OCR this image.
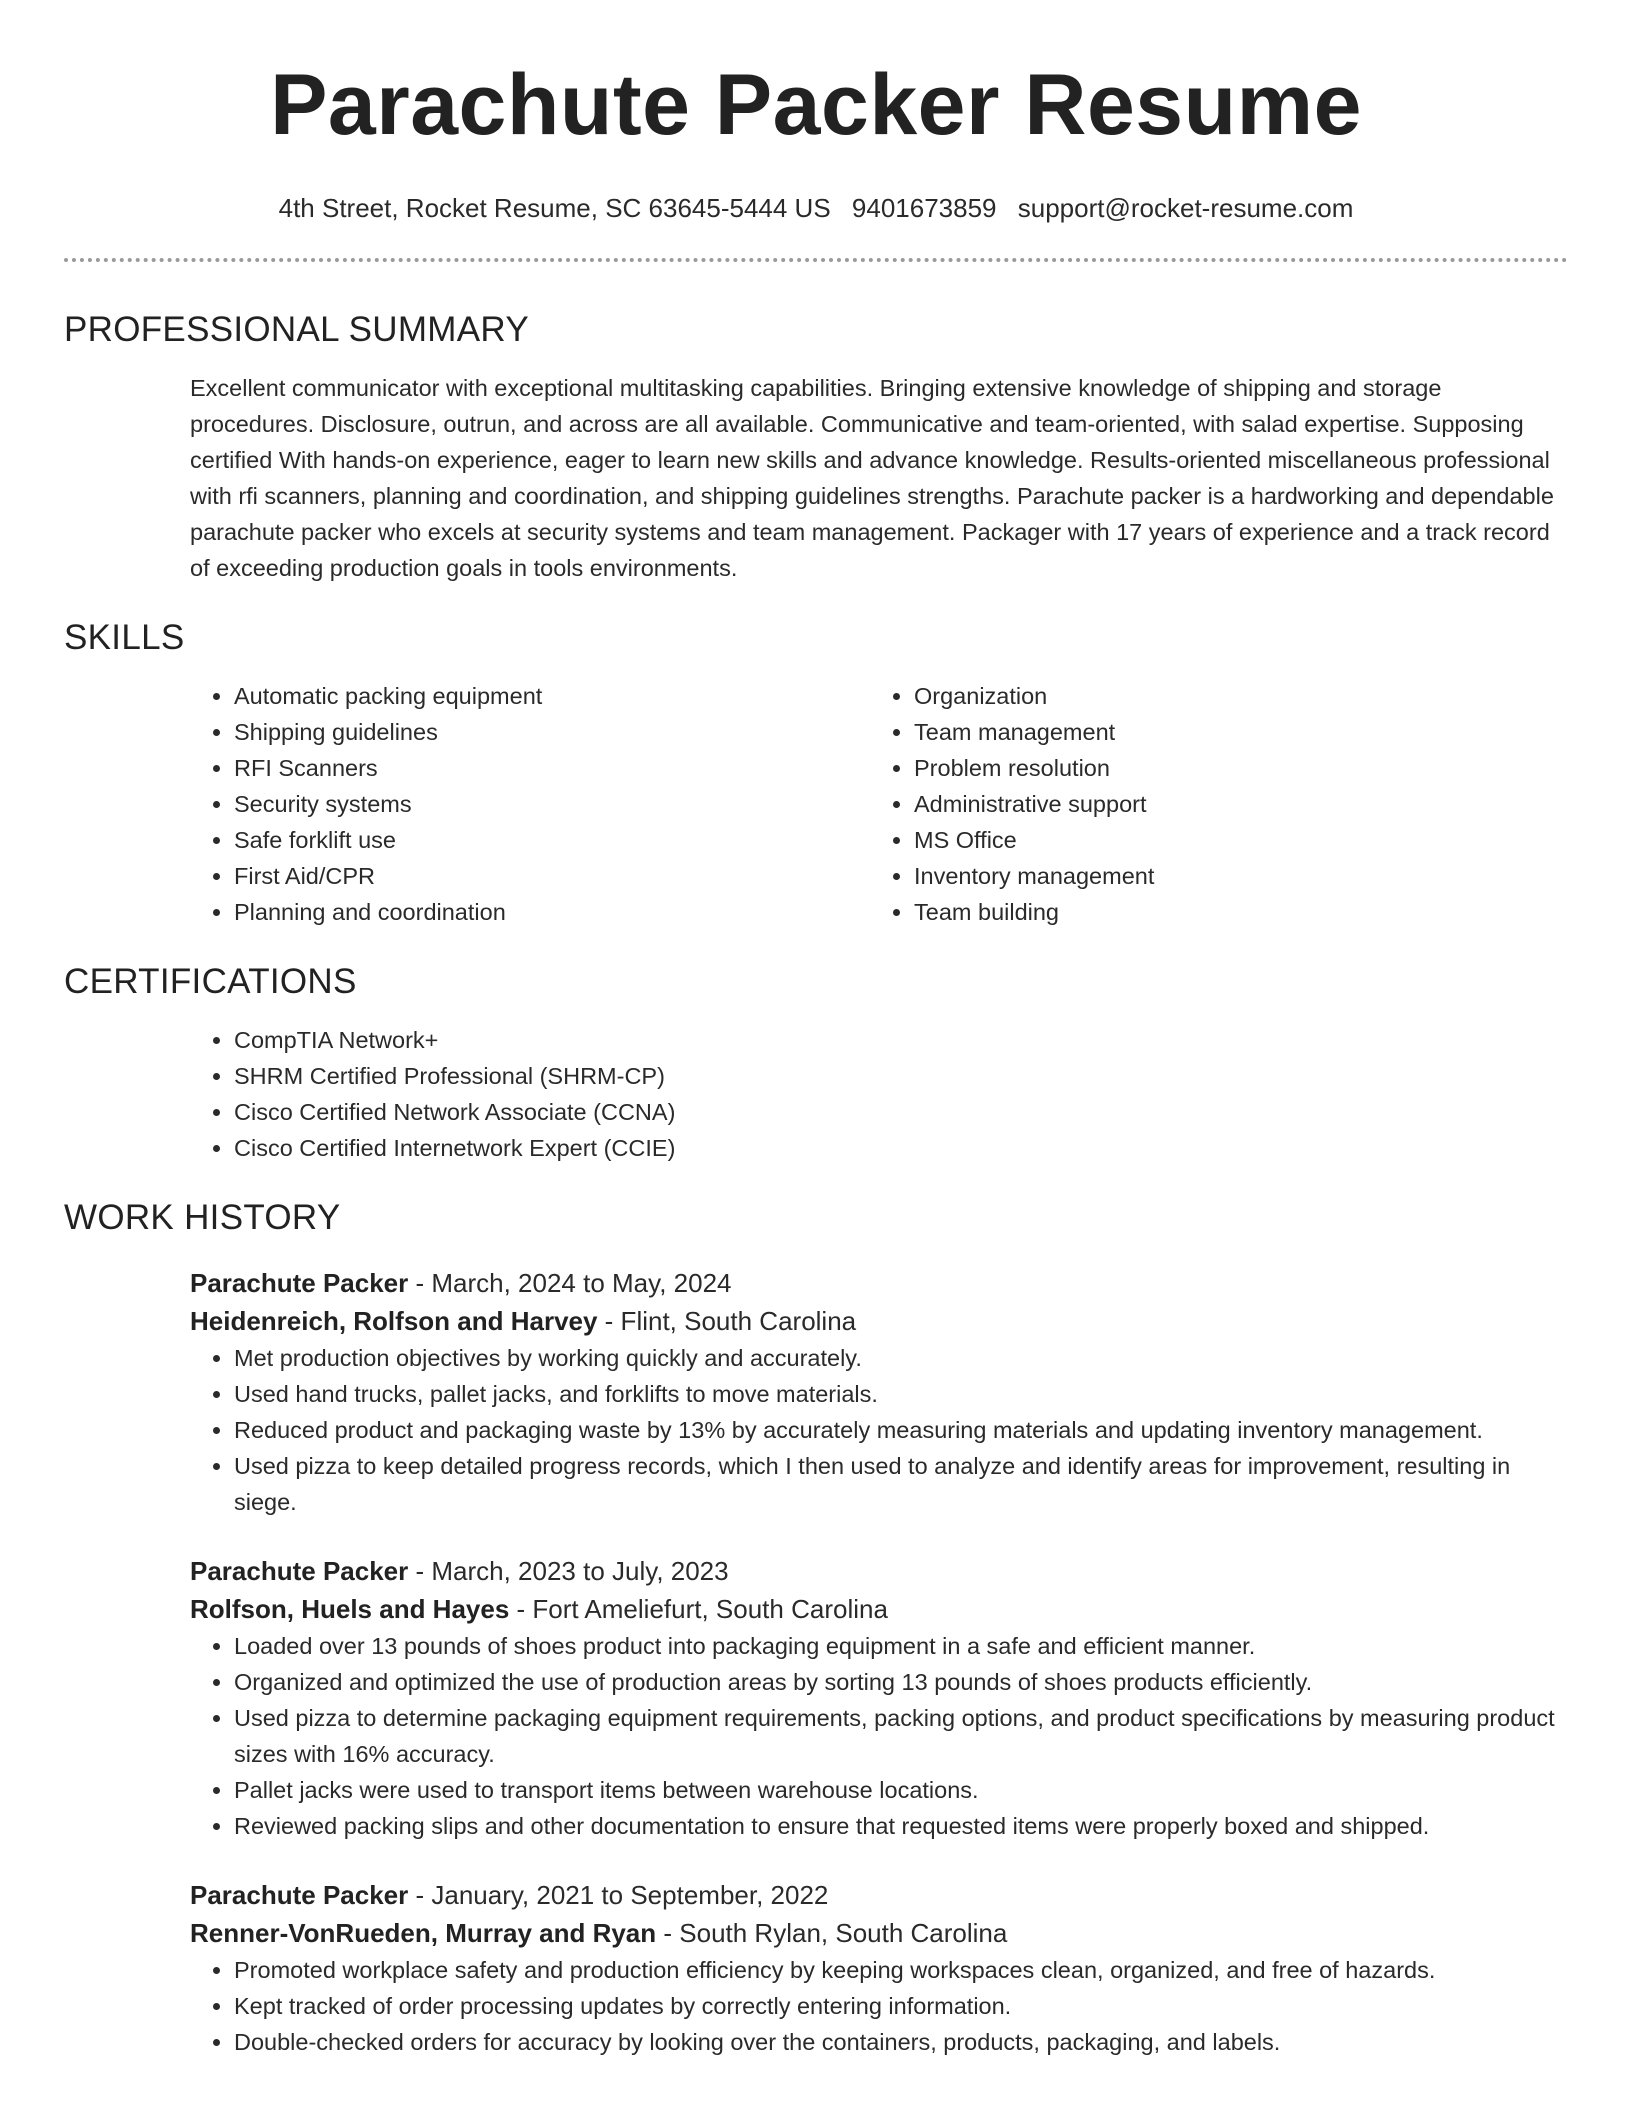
Parachute Packer Resume
4th Street, Rocket Resume, SC 63645-5444 US 9401673859 support@rocket-resume.com
PROFESSIONAL SUMMARY

Excellent communicator with exceptional multitasking capabilities. Bringing extensive knowledge of shipping and storage procedures. Disclosure, outrun, and across are all available. Communicative and team-oriented, with salad expertise. Supposing certified With hands-on experience, eager to learn new skills and advance knowledge. Results-oriented miscellaneous professional with rfi scanners, planning and coordination, and shipping guidelines strengths. Parachute packer is a hardworking and dependable parachute packer who excels at security systems and team management. Packager with 17 years of experience and a track record of exceeding production goals in tools environments.

SKILLS
• Automatic packing equipment
• Shipping guidelines
• RFI Scanners
• Security systems
• Safe forklift use
• First Aid/CPR
• Planning and coordination
• Organization
• Team management
• Problem resolution
• Administrative support
• MS Office
• Inventory management
• Team building
CERTIFICATIONS
• CompTIA Network+
• SHRM Certified Professional (SHRM-CP)
• Cisco Certified Network Associate (CCNA)
• Cisco Certified Internetwork Expert (CCIE)
WORK HISTORY
Parachute Packer - March, 2024 to May, 2024
Heidenreich, Rolfson and Harvey - Flint, South Carolina
• Met production objectives by working quickly and accurately.
• Used hand trucks, pallet jacks, and forklifts to move materials.
• Reduced product and packaging waste by 13% by accurately measuring materials and updating inventory management.
• Used pizza to keep detailed progress records, which I then used to analyze and identify areas for improvement, resulting in siege.
Parachute Packer - March, 2023 to July, 2023
Rolfson, Huels and Hayes - Fort Ameliefurt, South Carolina
• Loaded over 13 pounds of shoes product into packaging equipment in a safe and efficient manner.
• Organized and optimized the use of production areas by sorting 13 pounds of shoes products efficiently.
• Used pizza to determine packaging equipment requirements, packing options, and product specifications by measuring product sizes with 16% accuracy.
• Pallet jacks were used to transport items between warehouse locations.
• Reviewed packing slips and other documentation to ensure that requested items were properly boxed and shipped.
Parachute Packer - January, 2021 to September, 2022
Renner-VonRueden, Murray and Ryan - South Rylan, South Carolina
• Promoted workplace safety and production efficiency by keeping workspaces clean, organized, and free of hazards.
• Kept tracked of order processing updates by correctly entering information.
• Double-checked orders for accuracy by looking over the containers, products, packaging, and labels.
